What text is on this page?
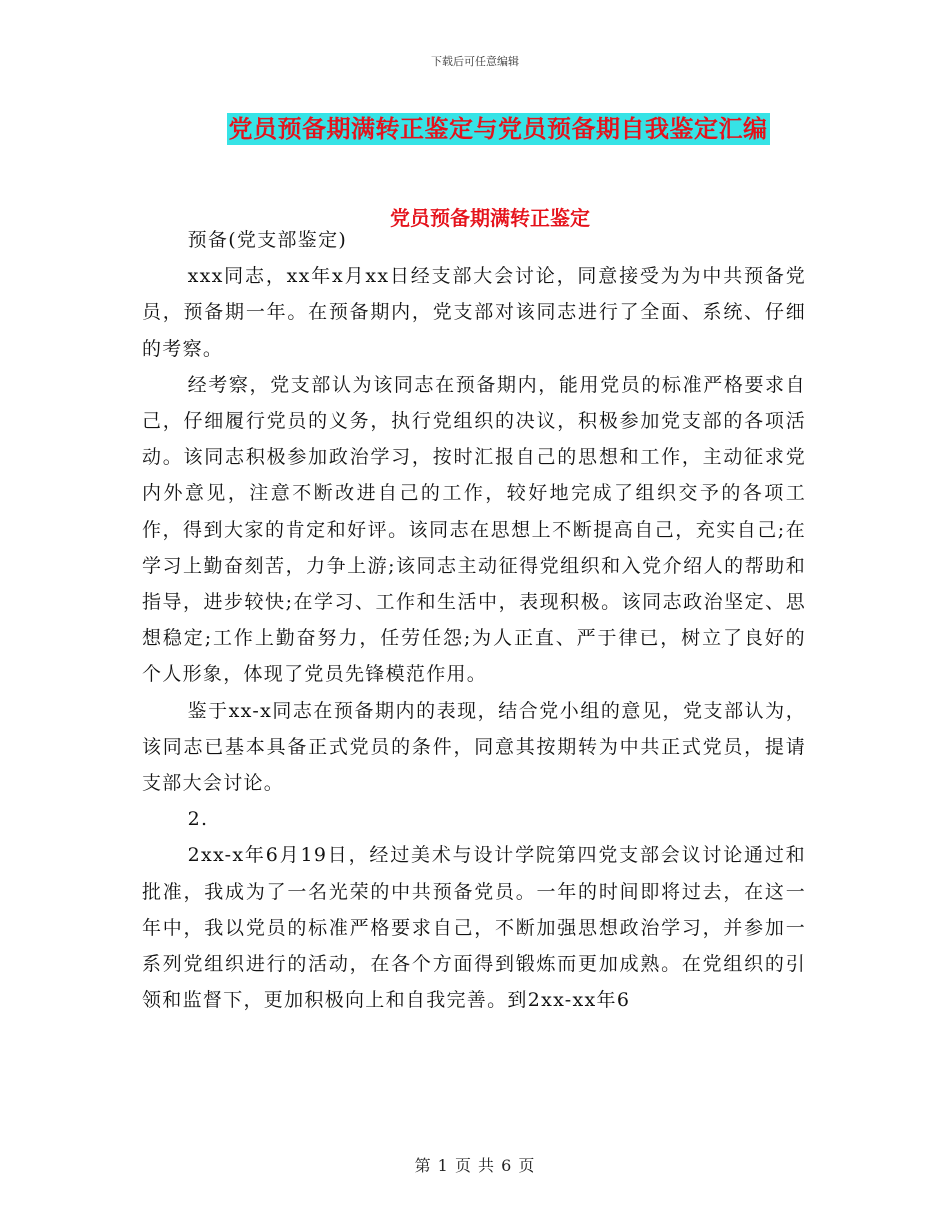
下载后可任意编辑
党员预备期满转正鉴定与党员预备期自我鉴定汇编
党员预备期满转正鉴定

预备(党支部鉴定)

xxx同志，xx年x月xx日经支部大会讨论，同意接受为为中共预备党员，预备期一年。在预备期内，党支部对该同志进行了全面、系统、仔细的考察。

经考察，党支部认为该同志在预备期内，能用党员的标准严格要求自己，仔细履行党员的义务，执行党组织的决议，积极参加党支部的各项活动。该同志积极参加政治学习，按时汇报自己的思想和工作，主动征求党内外意见，注意不断改进自己的工作，较好地完成了组织交予的各项工作，得到大家的肯定和好评。该同志在思想上不断提高自己，充实自己;在学习上勤奋刻苦，力争上游;该同志主动征得党组织和入党介绍人的帮助和指导，进步较快;在学习、工作和生活中，表现积极。该同志政治坚定、思想稳定;工作上勤奋努力，任劳任怨;为人正直、严于律已，树立了良好的个人形象，体现了党员先锋模范作用。

鉴于xx-x同志在预备期内的表现，结合党小组的意见，党支部认为，该同志已基本具备正式党员的条件，同意其按期转为中共正式党员，提请支部大会讨论。

2.

2xx-x年6月19日，经过美术与设计学院第四党支部会议讨论通过和批准，我成为了一名光荣的中共预备党员。一年的时间即将过去，在这一年中，我以党员的标准严格要求自己，不断加强思想政治学习，并参加一系列党组织进行的活动，在各个方面得到锻炼而更加成熟。在党组织的引领和监督下，更加积极向上和自我完善。到2xx-xx年6

第 1 页 共 6 页
